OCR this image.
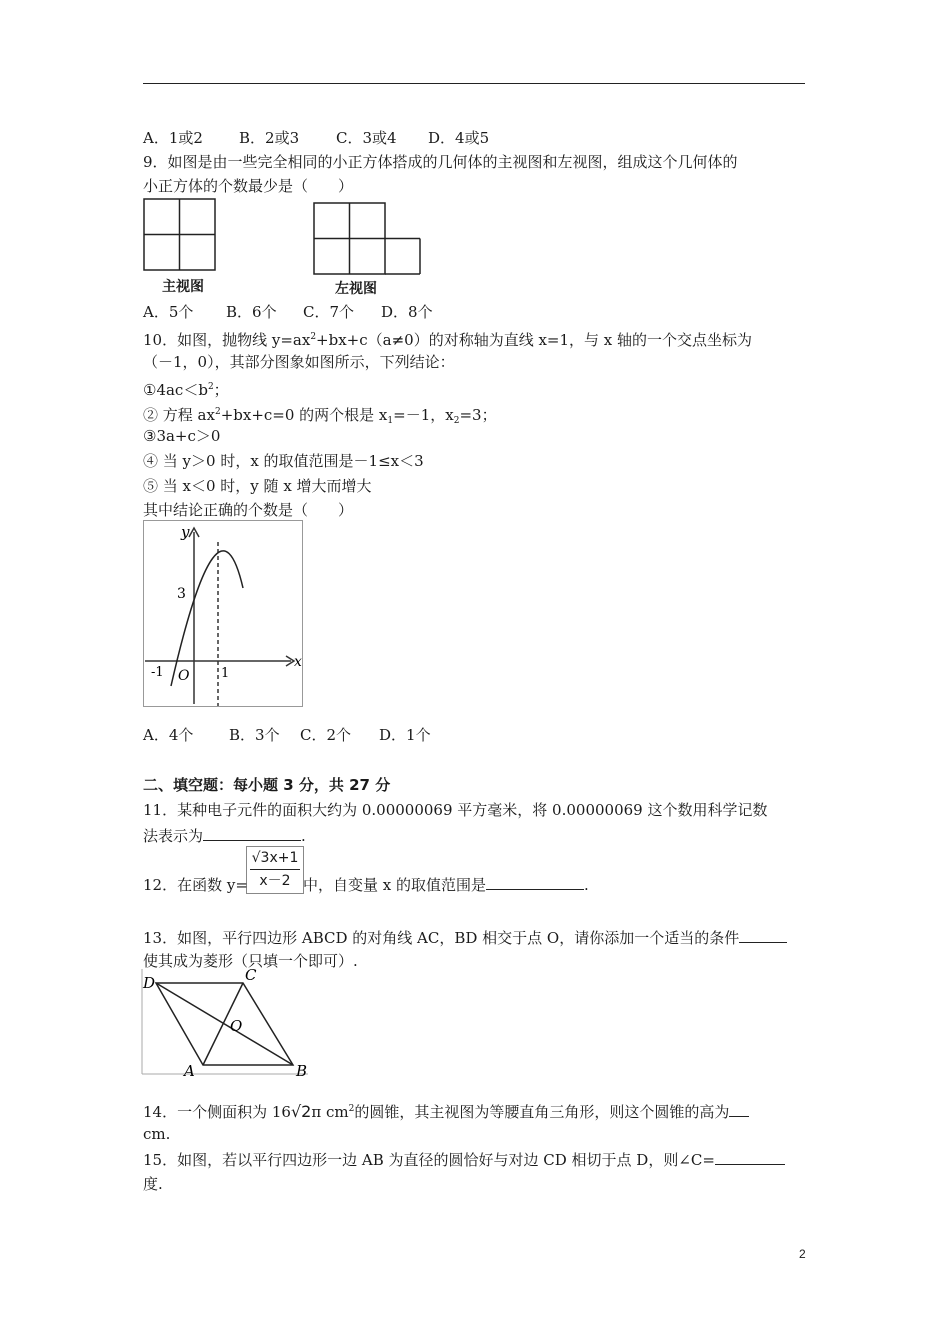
A．1或2 B．2或3 C．3或4 D．4或5
9．如图是由一些完全相同的小正方体搭成的几何体的主视图和左视图，组成这个几何体的
小正方体的个数最少是（　　）
主视图	左视图
A．5个 B．6个 C．7个 D．8个
10．如图，抛物线 $y=ax^2+bx+c(a\ne 0)$的对称轴为直线 x=1，与 x 轴的一个交点坐标为
（－1，0），其部分图象如图所示，下列结论：
$①4ac<b^2$；
② 方程 $ax^2+bx+c=0$ 的两个根是 $x_1=-1$，$x_2=3$；
③3a+c＞0
④ 当 y＞0 时，x 的取值范围是－1≤x＜3
⑤ 当 x＜0 时，y 随 x 增大而增大
其中结论正确的个数是（　　）
y
x
3
-1 O 1
A．4个 B．3个 C．2个 D．1个
二、填空题：每小题 3 分，共 27 分
11．某种电子元件的面积大约为 0.00000069 平方毫米，将 0.00000069 这个数用科学记数
法表示为	.
$\frac{√3x+1}{x-2}$
12．在函数 y=	中，自变量 x 的取值范围是	.
13．如图，平行四边形 ABCD 的对角线 AC，BD 相交于点 O，请你添加一个适当的条件
使其成为菱形（只填一个即可）.
D	C
O
A	B
14．一个侧面积为 16√2π $cm^2$的圆锥，其主视图为等腰直角三角形，则这个圆锥的高为
cm.
15．如图，若以平行四边形一边 AB 为直径的圆恰好与对边 CD 相切于点 D，则∠C=
度.
2
